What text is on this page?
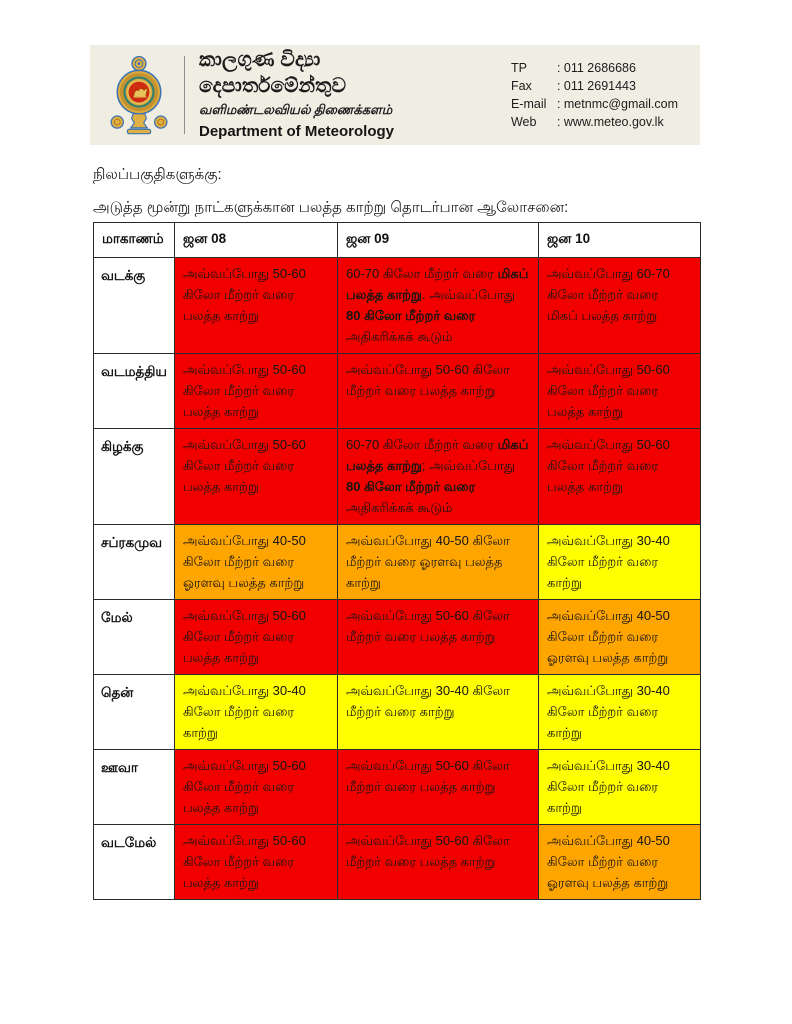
කාලගුණ විද්‍යා දෙපාර්තමේන්තුව
வளிமண்டலவியல் திணைக்களம்
Department of Meteorology
TP	: 011 2686686
Fax	: 011 2691443
E-mail : metnmc@gmail.com
Web	: www.meteo.gov.lk
நிலப்பகுதிகளுக்கு:
அடுத்த மூன்று நாட்களுக்கான பலத்த காற்று தொடர்பான ஆலோசனை:
மாகாணம்	ஜன 08	ஜன 09	ஜன 10
வடக்கு	அவ்வப்போது 50-60 கிலோ மீற்றர் வரை பலத்த காற்று	60-70 கிலோ மீற்றர் வரை மிகப் பலத்த காற்று. அவ்வப்போது 80 கிலோ மீற்றர் வரை அதிகரிக்கக் கூடும்	அவ்வப்போது 60-70 கிலோ மீற்றர் வரை மிகப் பலத்த காற்று
வடமத்திய	அவ்வப்போது 50-60 கிலோ மீற்றர் வரை பலத்த காற்று	அவ்வப்போது 50-60 கிலோ மீற்றர் வரை பலத்த காற்று	அவ்வப்போது 50-60 கிலோ மீற்றர் வரை பலத்த காற்று
கிழக்கு	அவ்வப்போது 50-60 கிலோ மீற்றர் வரை பலத்த காற்று	60-70 கிலோ மீற்றர் வரை மிகப் பலத்த காற்று; அவ்வப்போது 80 கிலோ மீற்றர் வரை அதிகரிக்கக் கூடும்	அவ்வப்போது 50-60 கிலோ மீற்றர் வரை பலத்த காற்று
சப்ரகமுவ	அவ்வப்போது 40-50 கிலோ மீற்றர் வரை ஓரளவு பலத்த காற்று	அவ்வப்போது 40-50 கிலோ மீற்றர் வரை ஓரளவு பலத்த காற்று	அவ்வப்போது 30-40 கிலோ மீற்றர் வரை காற்று
மேல்	அவ்வப்போது 50-60 கிலோ மீற்றர் வரை பலத்த காற்று	அவ்வப்போது 50-60 கிலோ மீற்றர் வரை பலத்த காற்று	அவ்வப்போது 40-50 கிலோ மீற்றர் வரை ஓரளவு பலத்த காற்று
தென்	அவ்வப்போது 30-40 கிலோ மீற்றர் வரை காற்று	அவ்வப்போது 30-40 கிலோ மீற்றர் வரை காற்று	அவ்வப்போது 30-40 கிலோ மீற்றர் வரை காற்று
ஊவா	அவ்வப்போது 50-60 கிலோ மீற்றர் வரை பலத்த காற்று	அவ்வப்போது 50-60 கிலோ மீற்றர் வரை பலத்த காற்று	அவ்வப்போது 30-40 கிலோ மீற்றர் வரை காற்று
வடமேல்	அவ்வப்போது 50-60 கிலோ மீற்றர் வரை பலத்த காற்று	அவ்வப்போது 50-60 கிலோ மீற்றர் வரை பலத்த காற்று	அவ்வப்போது 40-50 கிலோ மீற்றர் வரை ஓரளவு பலத்த காற்று
